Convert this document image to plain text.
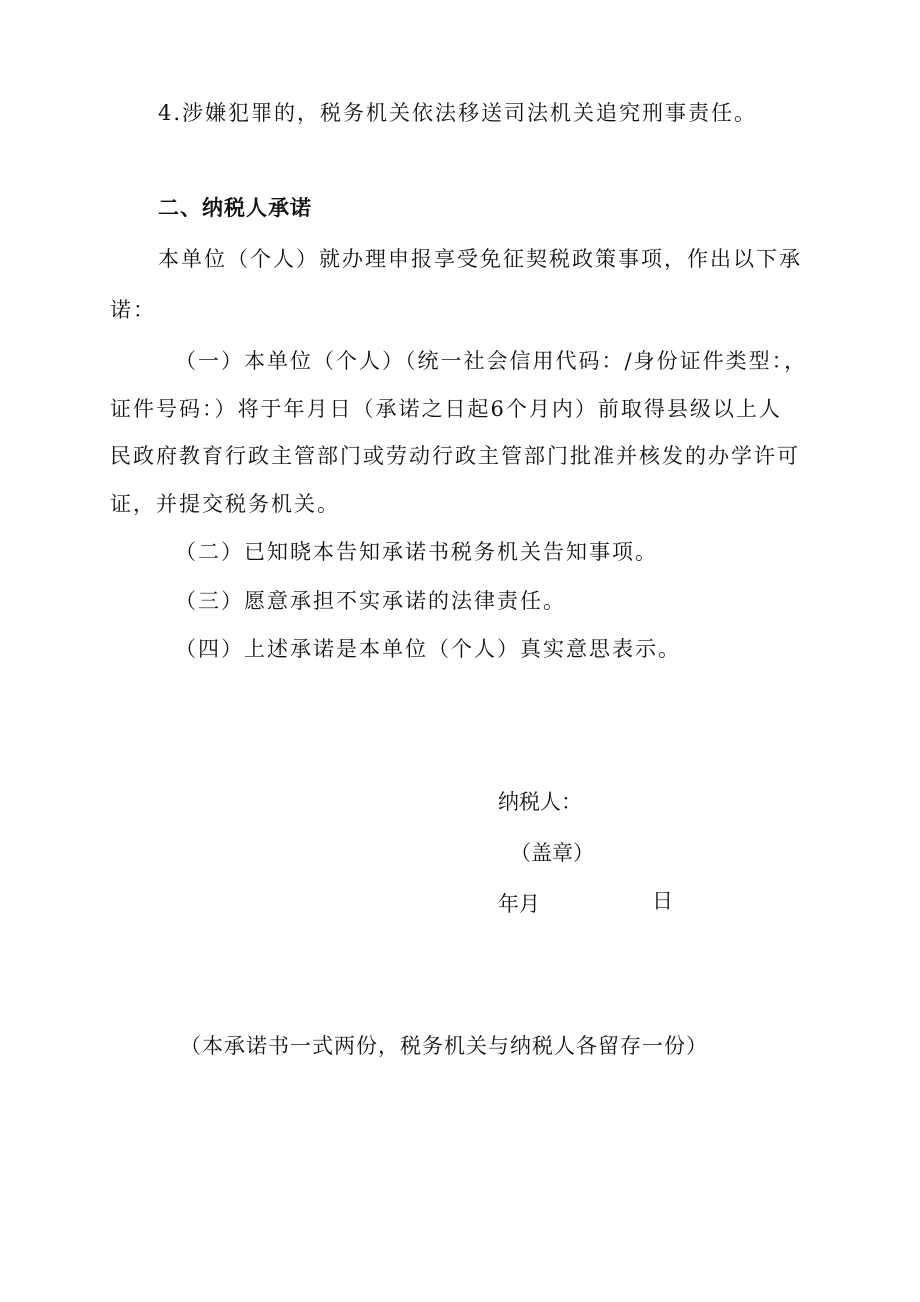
4.涉嫌犯罪的，税务机关依法移送司法机关追究刑事责任。
二、纳税人承诺
本单位（个人）就办理申报享受免征契税政策事项，作出以下承
诺：
（一）本单位（个人）（统一社会信用代码：/身份证件类型：，
证件号码：）将于年月日（承诺之日起6个月内）前取得县级以上人
民政府教育行政主管部门或劳动行政主管部门批准并核发的办学许可
证，并提交税务机关。
（二）已知晓本告知承诺书税务机关告知事项。
（三）愿意承担不实承诺的法律责任。
（四）上述承诺是本单位（个人）真实意思表示。
纳税人：
（盖章）
年月	日
（本承诺书一式两份，税务机关与纳税人各留存一份）
